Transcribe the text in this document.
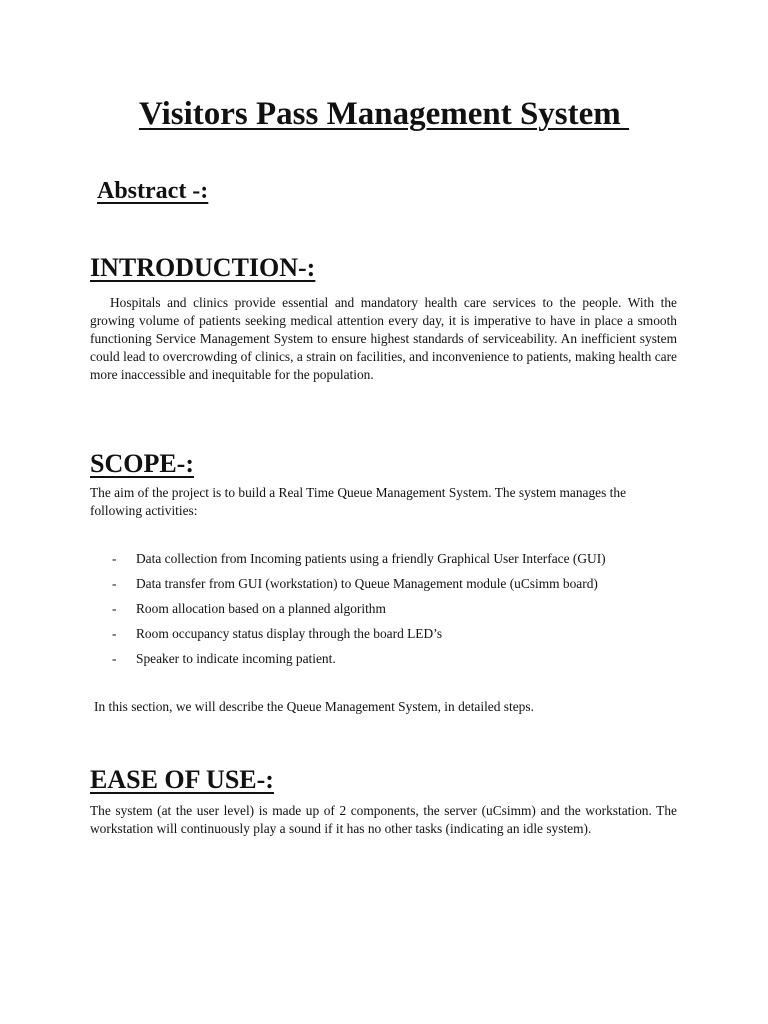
Visitors Pass Management System
Abstract -:
INTRODUCTION-:

Hospitals and clinics provide essential and mandatory health care services to the people. With the growing volume of patients seeking medical attention every day, it is imperative to have in place a smooth functioning Service Management System to ensure highest standards of serviceability. An inefficient system could lead to overcrowding of clinics, a strain on facilities, and inconvenience to patients, making health care more inaccessible and inequitable for the population.

SCOPE-:

The aim of the project is to build a Real Time Queue Management System. The system manages the following activities:

-	Data collection from Incoming patients using a friendly Graphical User Interface (GUI)
-	Data transfer from GUI (workstation) to Queue Management module (uCsimm board)
-	Room allocation based on a planned algorithm
-	Room occupancy status display through the board LED’s
-	Speaker to indicate incoming patient.

In this section, we will describe the Queue Management System, in detailed steps.

EASE OF USE-:

The system (at the user level) is made up of 2 components, the server (uCsimm) and the workstation. The workstation will continuously play a sound if it has no other tasks (indicating an idle system).
